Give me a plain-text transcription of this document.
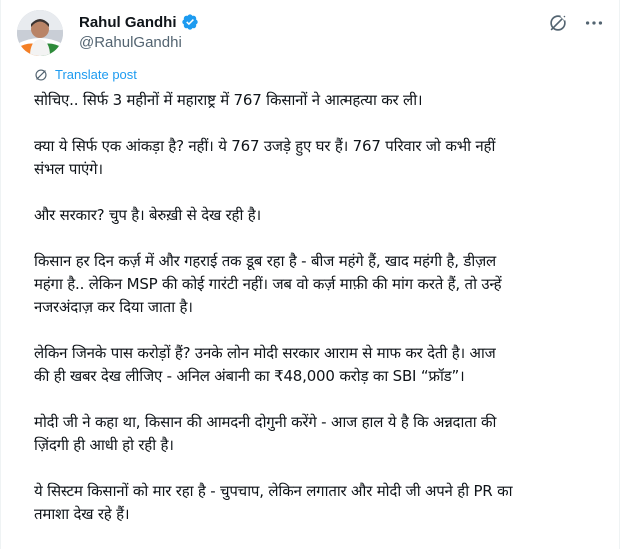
Rahul Gandhi
@RahulGandhi
Translate post

सोचिए.. सिर्फ 3 महीनों में महाराष्ट्र में 767 किसानों ने आत्महत्या कर ली।

क्या ये सिर्फ एक आंकड़ा है? नहीं। ये 767 उजड़े हुए घर हैं। 767 परिवार जो कभी नहीं
संभल पाएंगे।

और सरकार? चुप है। बेरुख़ी से देख रही है।

किसान हर दिन कर्ज़ में और गहराई तक डूब रहा है - बीज महंगे हैं, खाद महंगी है, डीज़ल
महंगा है.. लेकिन MSP की कोई गारंटी नहीं। जब वो कर्ज़ माफ़ी की मांग करते हैं, तो उन्हें
नजरअंदाज़ कर दिया जाता है।

लेकिन जिनके पास करोड़ों हैं? उनके लोन मोदी सरकार आराम से माफ कर देती है। आज
की ही खबर देख लीजिए - अनिल अंबानी का ₹48,000 करोड़ का SBI “फ्रॉड”।

मोदी जी ने कहा था, किसान की आमदनी दोगुनी करेंगे - आज हाल ये है कि अन्नदाता की
ज़िंदगी ही आधी हो रही है।

ये सिस्टम किसानों को मार रहा है - चुपचाप, लेकिन लगातार और मोदी जी अपने ही PR का
तमाशा देख रहे हैं।
